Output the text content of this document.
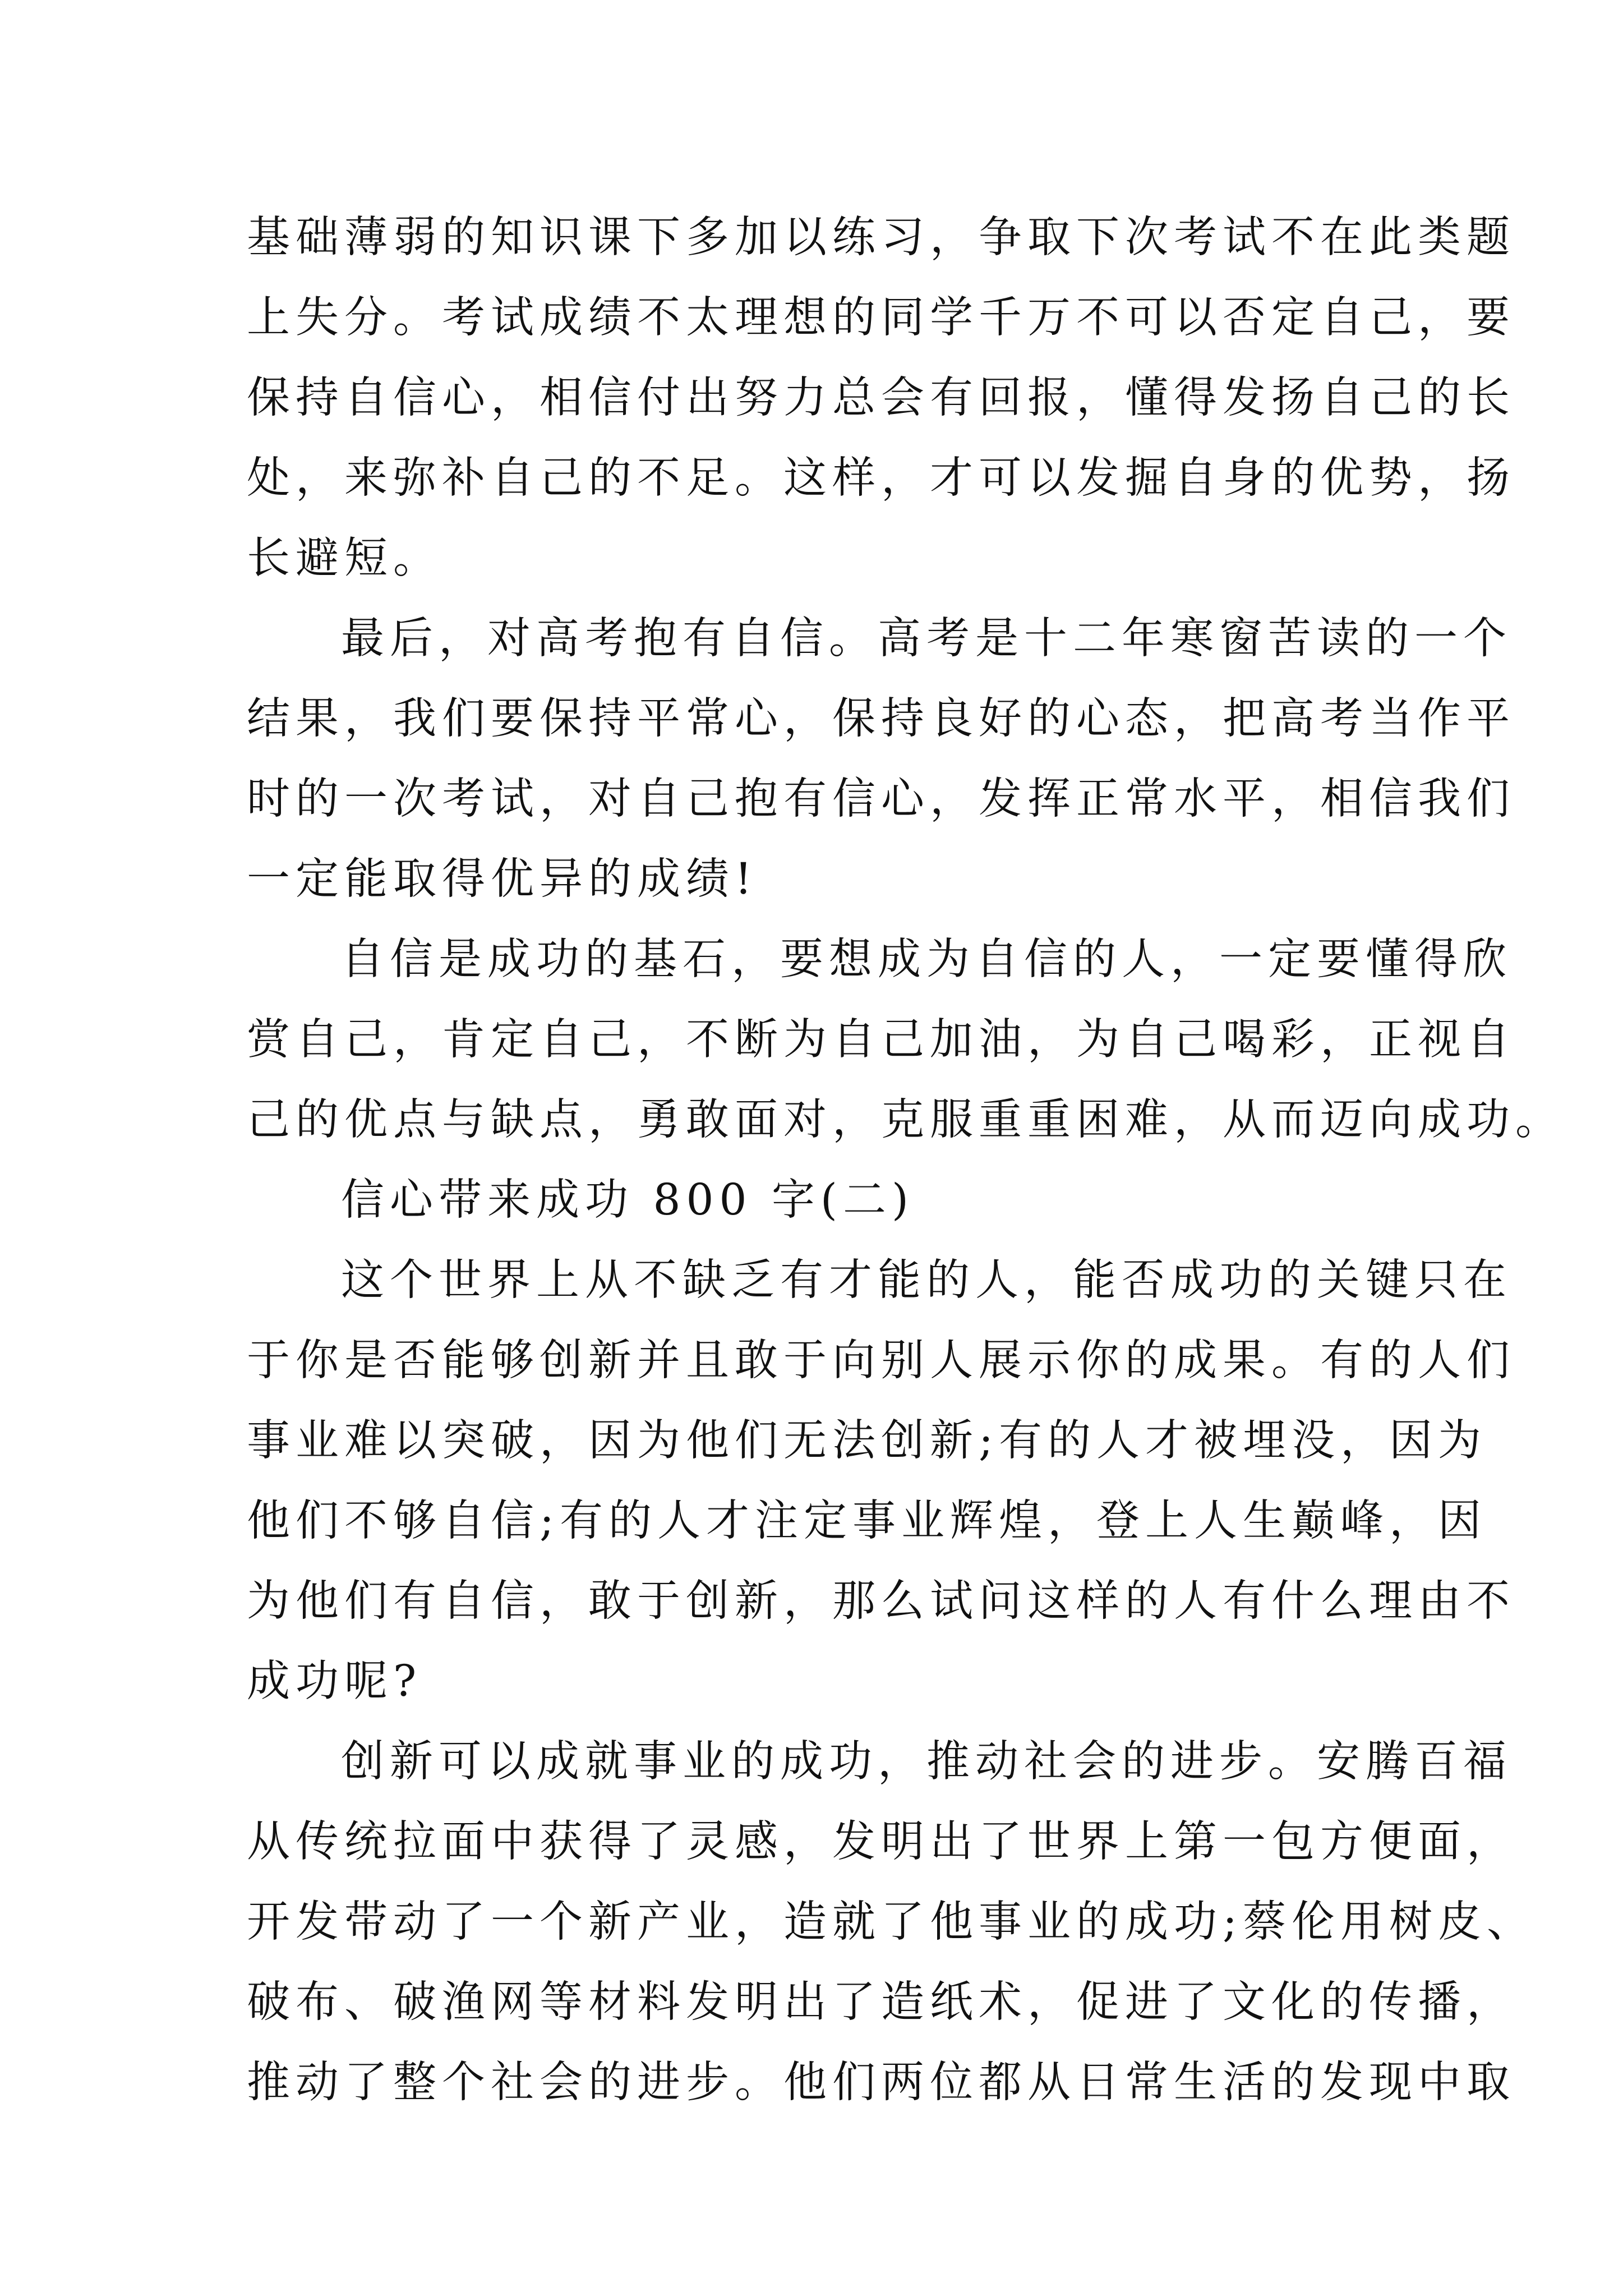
基础薄弱的知识课下多加以练习，争取下次考试不在此类题
上失分。考试成绩不太理想的同学千万不可以否定自己，要
保持自信心，相信付出努力总会有回报，懂得发扬自己的长
处，来弥补自己的不足。这样，才可以发掘自身的优势，扬
长避短。
最后，对高考抱有自信。高考是十二年寒窗苦读的一个
结果，我们要保持平常心，保持良好的心态，把高考当作平
时的一次考试，对自己抱有信心，发挥正常水平，相信我们
一定能取得优异的成绩!
自信是成功的基石，要想成为自信的人，一定要懂得欣
赏自己，肯定自己，不断为自己加油，为自己喝彩，正视自
己的优点与缺点，勇敢面对，克服重重困难，从而迈向成功。
信心带来成功 800 字(二)
这个世界上从不缺乏有才能的人，能否成功的关键只在
于你是否能够创新并且敢于向别人展示你的成果。有的人们
事业难以突破，因为他们无法创新;有的人才被埋没，因为
他们不够自信;有的人才注定事业辉煌，登上人生巅峰，因
为他们有自信，敢于创新，那么试问这样的人有什么理由不
成功呢?
创新可以成就事业的成功，推动社会的进步。安腾百福
从传统拉面中获得了灵感，发明出了世界上第一包方便面，
开发带动了一个新产业，造就了他事业的成功;蔡伦用树皮、
破布、破渔网等材料发明出了造纸术，促进了文化的传播，
推动了整个社会的进步。他们两位都从日常生活的发现中取
